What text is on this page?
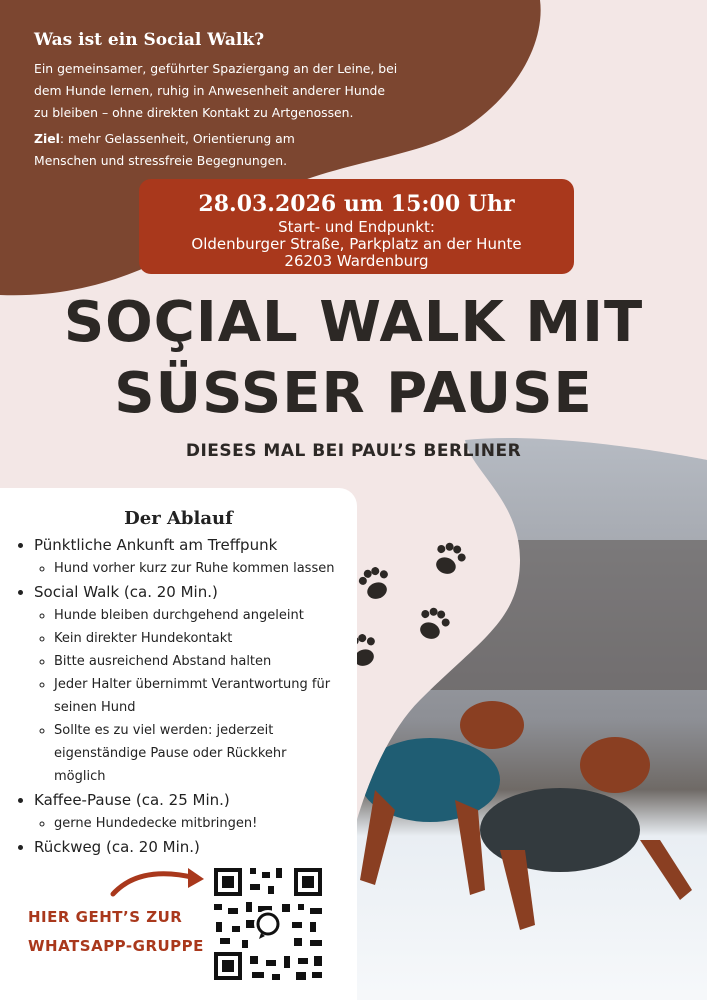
Was ist ein Social Walk?

Ein gemeinsamer, geführter Spaziergang an der Leine, bei
dem Hunde lernen, ruhig in Anwesenheit anderer Hunde
zu bleiben – ohne direkten Kontakt zu Artgenossen.

Ziel: mehr Gelassenheit, Orientierung am
Menschen und stressfreie Begegnungen.

28.03.2026 um 15:00 Uhr
Start- und Endpunkt:
Oldenburger Straße, Parkplatz an der Hunte
26203 Wardenburg
SOÇIAL WALK MIT
SÜSSER PAUSE
DIESES MAL BEI PAUL’S BERLINER
Der Ablauf
• Pünktliche Ankunft am Treffpunk
◦ Hund vorher kurz zur Ruhe kommen lassen
• Social Walk (ca. 20 Min.)
◦ Hunde bleiben durchgehend angeleint
◦ Kein direkter Hundekontakt
◦ Bitte ausreichend Abstand halten
◦ Jeder Halter übernimmt Verantwortung für
seinen Hund
◦ Sollte es zu viel werden: jederzeit
eigenständige Pause oder Rückkehr
möglich
• Kaffee-Pause (ca. 25 Min.)
◦ gerne Hundedecke mitbringen!
• Rückweg (ca. 20 Min.)
HIER GEHT’S ZUR
WHATSAPP-GRUPPE
